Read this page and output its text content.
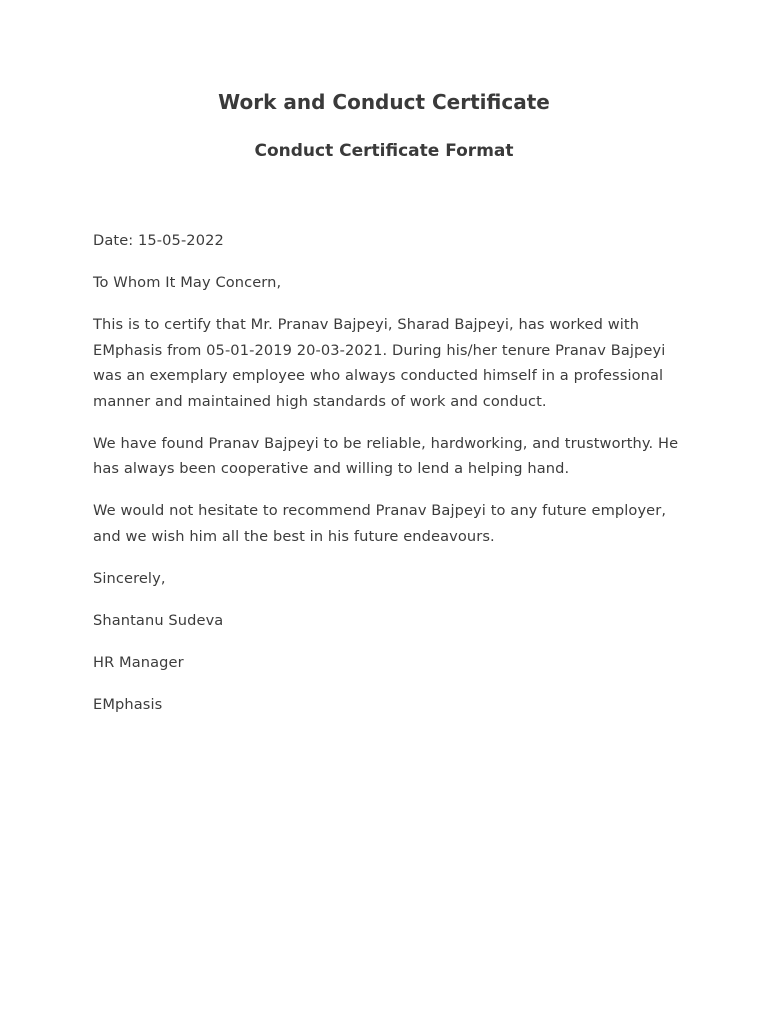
Work and Conduct Certificate
Conduct Certificate Format

Date: 15-05-2022

To Whom It May Concern,

This is to certify that Mr. Pranav Bajpeyi, Sharad Bajpeyi, has worked with EMphasis from 05-01-2019 20-03-2021. During his/her tenure Pranav Bajpeyi was an exemplary employee who always conducted himself in a professional manner and maintained high standards of work and conduct.

We have found Pranav Bajpeyi to be reliable, hardworking, and trustworthy. He has always been cooperative and willing to lend a helping hand.

We would not hesitate to recommend Pranav Bajpeyi to any future employer, and we wish him all the best in his future endeavours.

Sincerely,

Shantanu Sudeva

HR Manager

EMphasis
